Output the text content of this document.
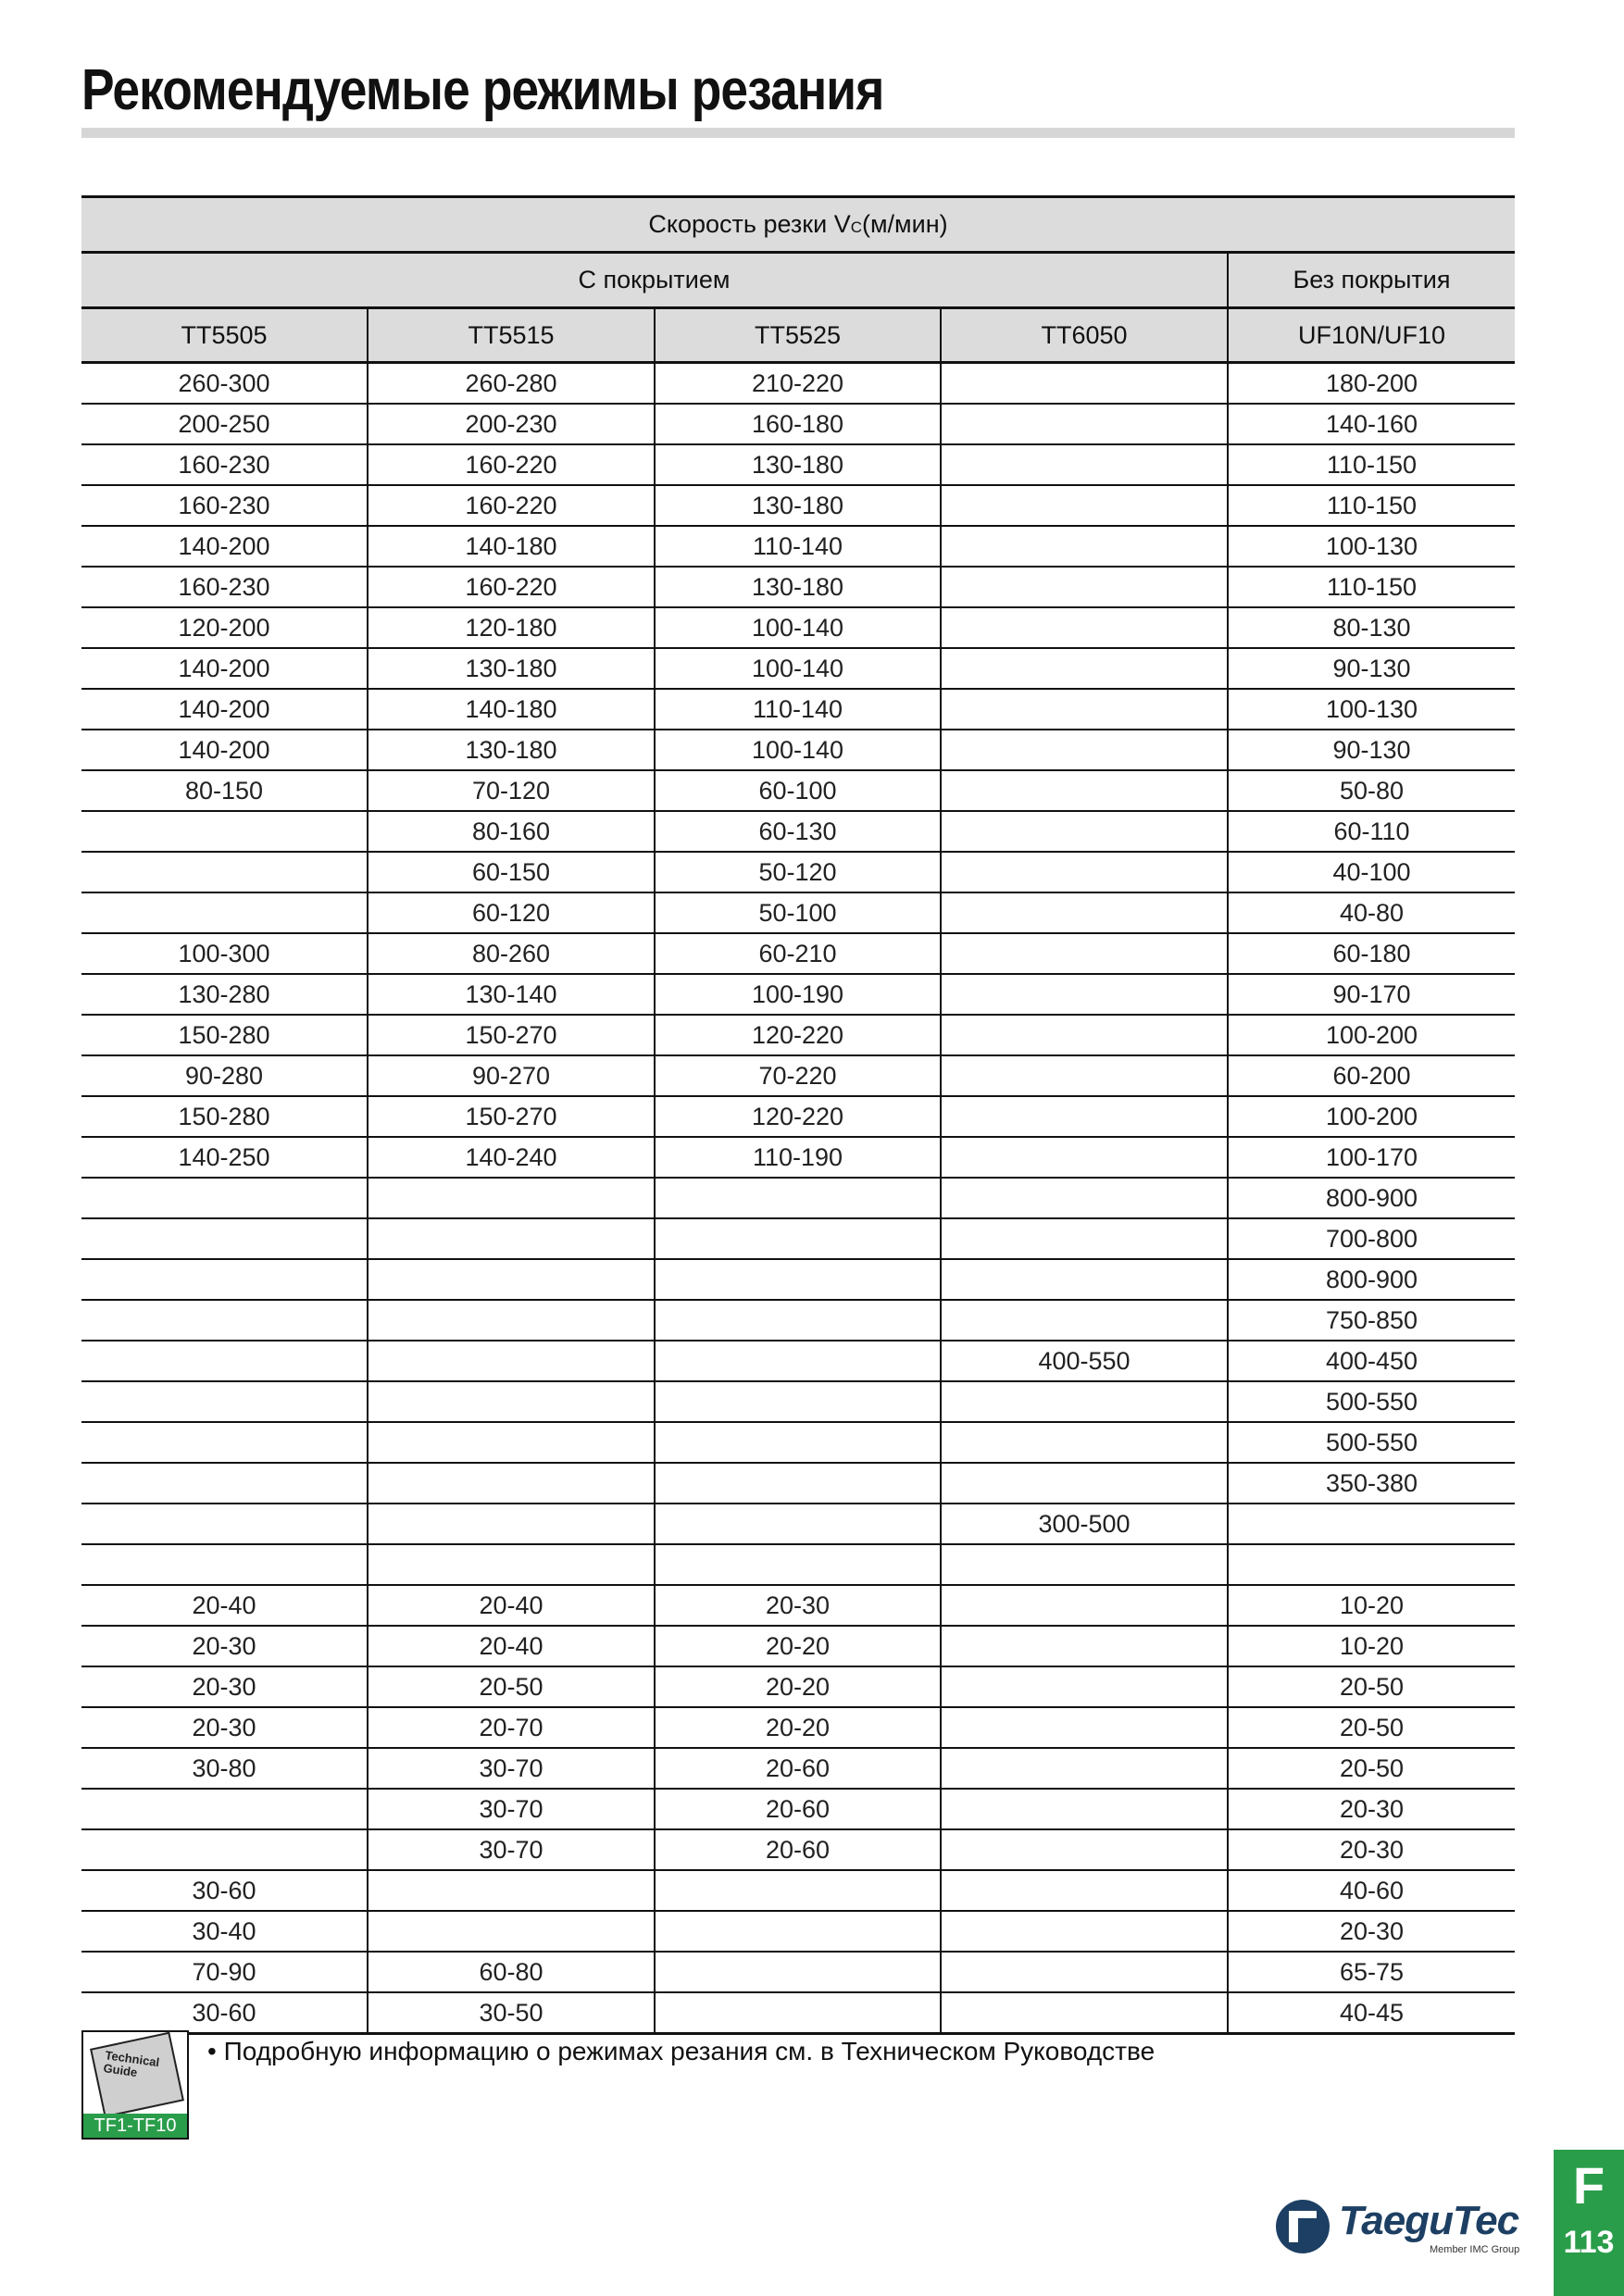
Рекомендуемые режимы резания
Скорость резки VC(м/мин)				
С покрытием				Без покрытия
TT5505	TT5515	TT5525	TT6050	UF10N/UF10
260-300	260-280	210-220		180-200
200-250	200-230	160-180		140-160
160-230	160-220	130-180		110-150
160-230	160-220	130-180		110-150
140-200	140-180	110-140		100-130
160-230	160-220	130-180		110-150
120-200	120-180	100-140		80-130
140-200	130-180	100-140		90-130
140-200	140-180	110-140		100-130
140-200	130-180	100-140		90-130
80-150	70-120	60-100		50-80
	80-160	60-130		60-110
	60-150	50-120		40-100
	60-120	50-100		40-80
100-300	80-260	60-210		60-180
130-280	130-140	100-190		90-170
150-280	150-270	120-220		100-200
90-280	90-270	70-220		60-200
150-280	150-270	120-220		100-200
140-250	140-240	110-190		100-170
				800-900
				700-800
				800-900
				750-850
			400-550	400-450
				500-550
				500-550
				350-380
			300-500	

20-40	20-40	20-30		10-20
20-30	20-40	20-20		10-20
20-30	20-50	20-20		20-50
20-30	20-70	20-20		20-50
30-80	30-70	20-60		20-50
	30-70	20-60		20-30
	30-70	20-60		20-30
30-60				40-60
30-40				20-30
70-90	60-80			65-75
30-60	30-50			40-45
Technical Guide
TF1-TF10
• Подробную информацию о режимах резания см. в Техническом Руководстве
TaeguTec
Member IMC Group
F
113
